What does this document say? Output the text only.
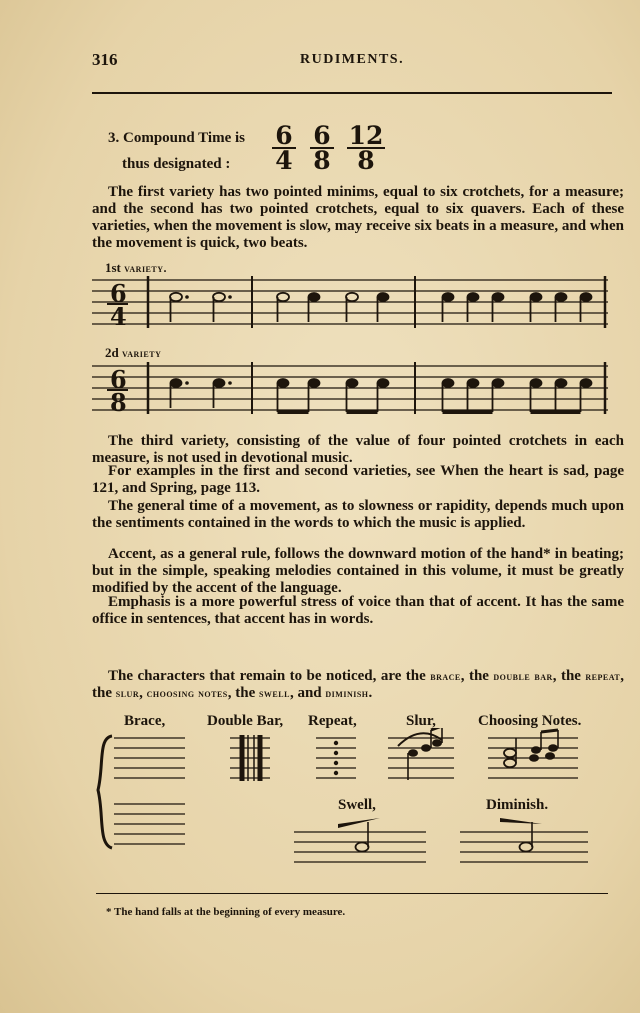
316	RUDIMENTS.
3. Compound Time is
thus designated :	$\frac{6}{4} \frac{6}{8} \frac{12}{8}$

The first variety has two pointed minims, equal to six crotchets, for a measure; and the second has two pointed crotchets, equal to six quavers. Each of these varieties, when the movement is slow, may receive six beats in a measure, and when the movement is quick, two beats.

1st variety.
6
4
2d variety
6
8

The third variety, consisting of the value of four pointed crotchets in each measure, is not used in devotional music.

For examples in the first and second varieties, see When the heart is sad, page 121, and Spring, page 113.

The general time of a movement, as to slowness or rapidity, depends much upon the sentiments contained in the words to which the music is applied.

Accent, as a general rule, follows the downward motion of the hand* in beating; but in the simple, speaking melodies contained in this volume, it must be greatly modified by the accent of the language.

Emphasis is a more powerful stress of voice than that of accent. It has the same office in sentences, that accent has in words.

The characters that remain to be noticed, are the brace, the double bar, the repeat, the slur, choosing notes, the swell, and diminish.

Brace,	Double Bar, Repeat,	Slur,	Choosing Notes.
Swell,	Diminish.
* The hand falls at the beginning of every measure.
